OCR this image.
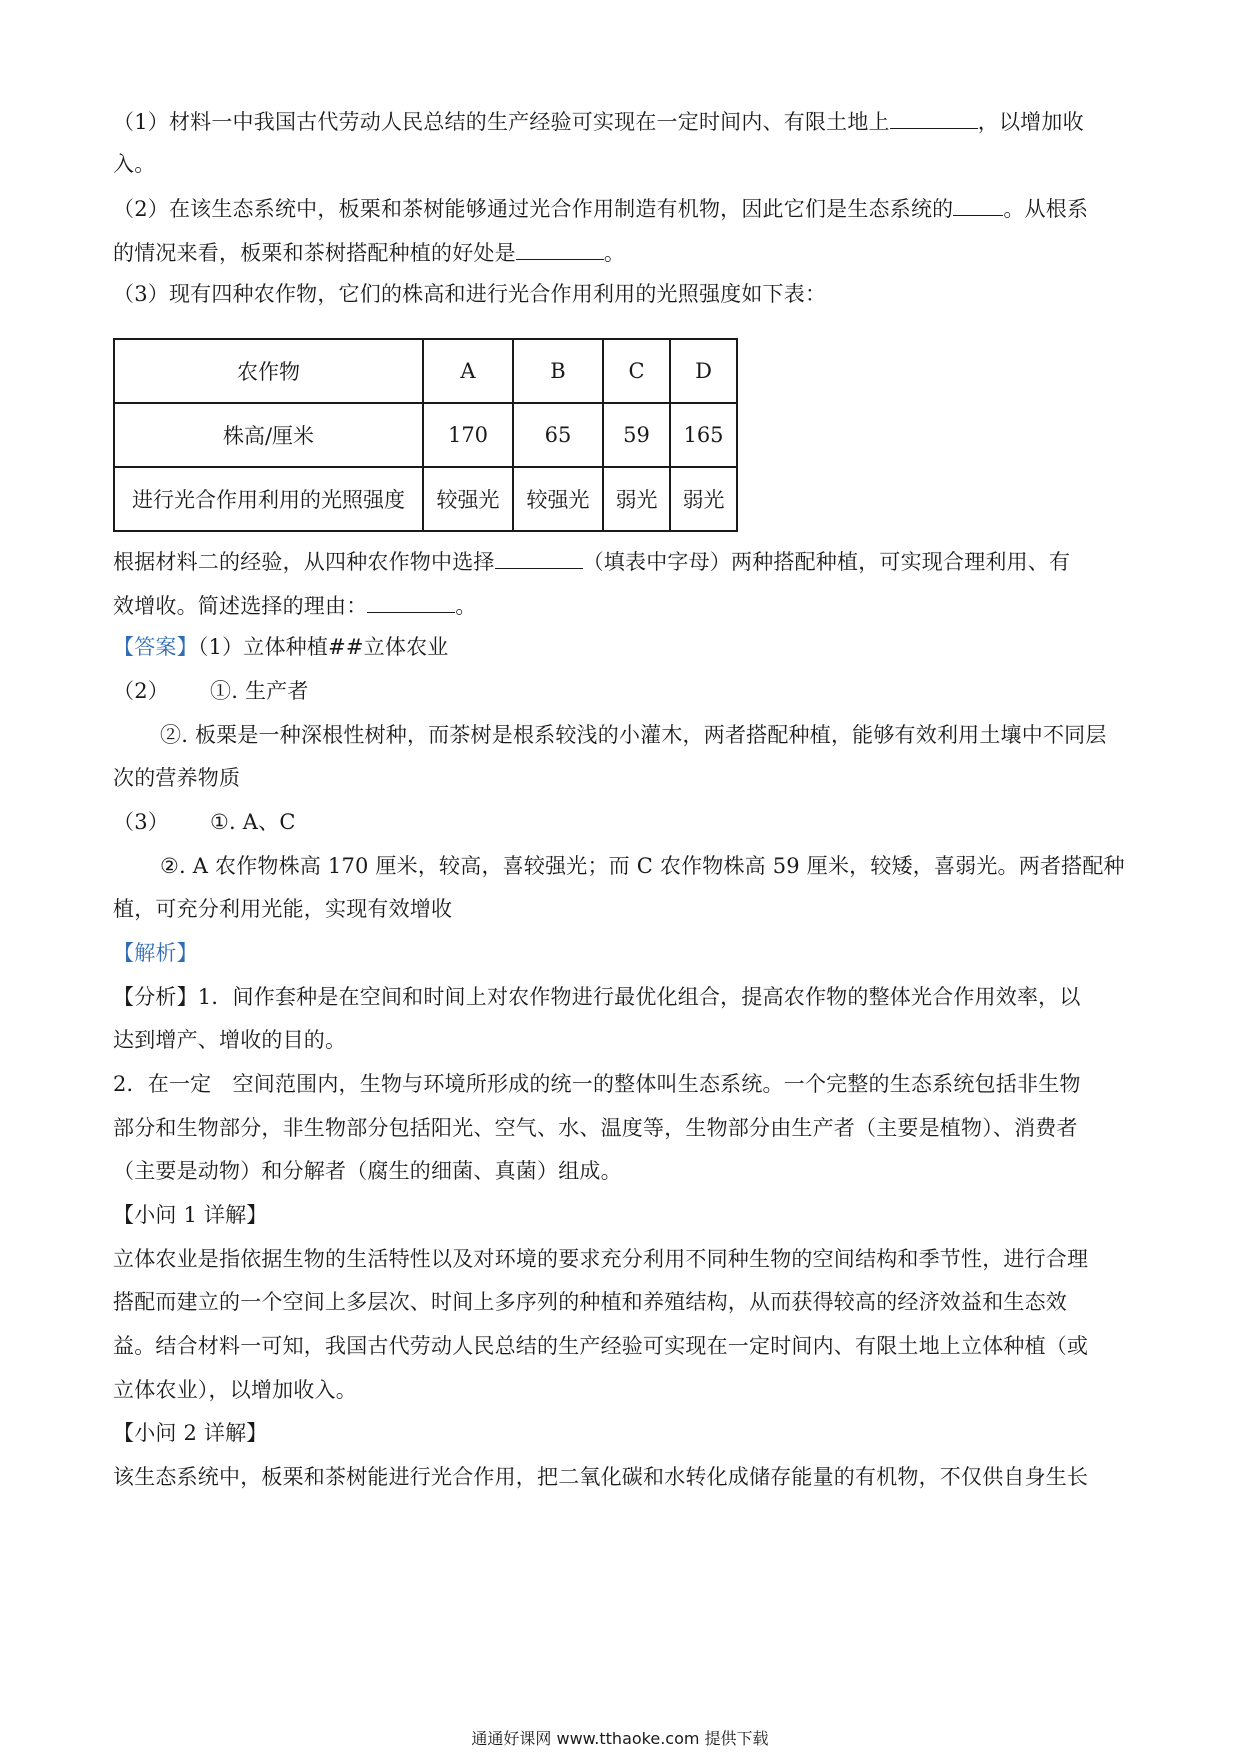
（1）材料一中我国古代劳动人民总结的生产经验可实现在一定时间内、有限土地上	，以增加收
入。
（2）在该生态系统中，板栗和茶树能够通过光合作用制造有机物，因此它们是生态系统的 。从根系
的情况来看，板栗和茶树搭配种植的好处是	。
（3）现有四种农作物，它们的株高和进行光合作用利用的光照强度如下表：
农作物	A	B	C	D
株高/厘米	170	65	59	165
进行光合作用利用的光照强度	较强光	较强光	弱光	弱光
根据材料二的经验，从四种农作物中选择	（填表中字母）两种搭配种植，可实现合理利用、有
效增收。简述选择的理由：	。
【答案】（1）立体种植##立体农业
（2） ①. 生产者
②. 板栗是一种深根性树种，而茶树是根系较浅的小灌木，两者搭配种植，能够有效利用土壤中不同层
次的营养物质
（3） ①. A、C
②. A 农作物株高 170 厘米，较高，喜较强光；而 C 农作物株高 59 厘米，较矮，喜弱光。两者搭配种
植，可充分利用光能，实现有效增收
【解析】
【分析】1．间作套种是在空间和时间上对农作物进行最优化组合，提高农作物的整体光合作用效率，以
达到增产、增收的目的。
2．在一定　空间范围内，生物与环境所形成的统一的整体叫生态系统。一个完整的生态系统包括非生物
部分和生物部分，非生物部分包括阳光、空气、水、温度等，生物部分由生产者（主要是植物）、消费者
（主要是动物）和分解者（腐生的细菌、真菌）组成。
【小问 1 详解】
立体农业是指依据生物的生活特性以及对环境的要求充分利用不同种生物的空间结构和季节性，进行合理
搭配而建立的一个空间上多层次、时间上多序列的种植和养殖结构，从而获得较高的经济效益和生态效
益。结合材料一可知，我国古代劳动人民总结的生产经验可实现在一定时间内、有限土地上立体种植（或
立体农业），以增加收入。
【小问 2 详解】
该生态系统中，板栗和茶树能进行光合作用，把二氧化碳和水转化成储存能量的有机物，不仅供自身生长
通通好课网 www.tthaoke.com 提供下载
